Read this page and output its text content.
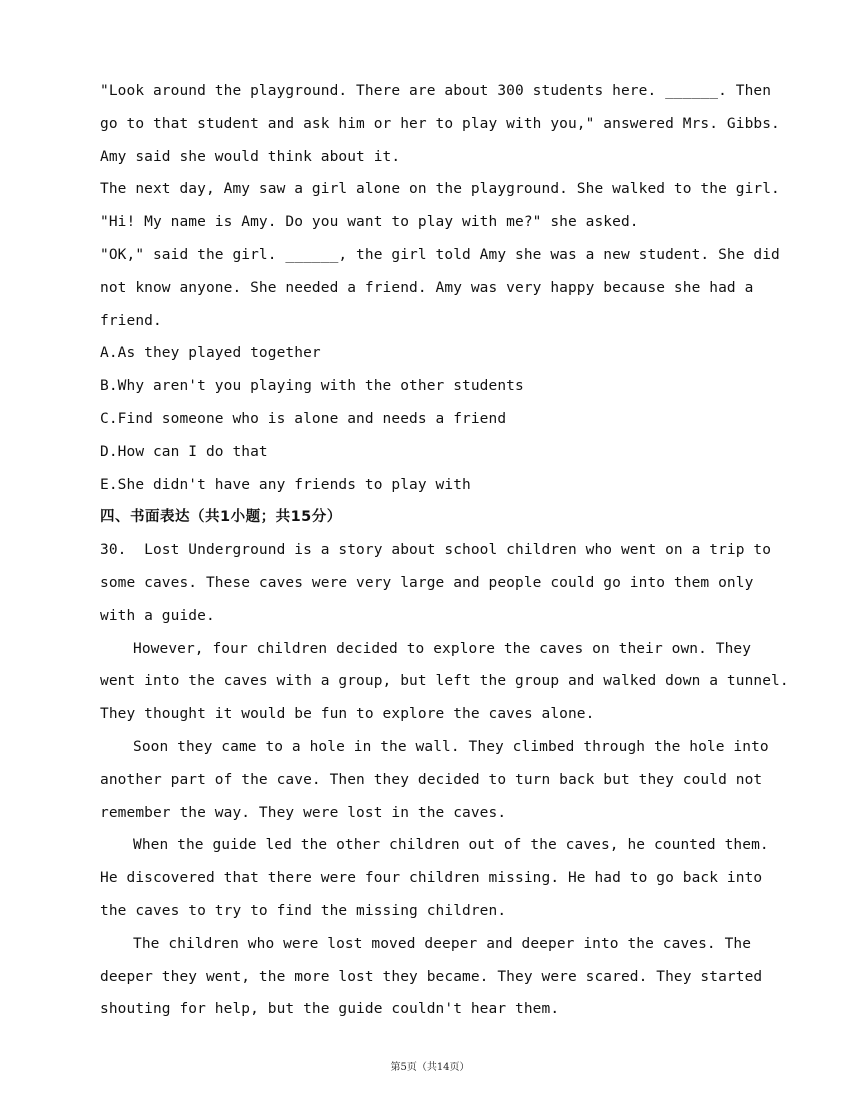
"Look around the playground. There are about 300 students here. ______. Then
go to that student and ask him or her to play with you," answered Mrs. Gibbs.
Amy said she would think about it.
The next day, Amy saw a girl alone on the playground. She walked to the girl.
"Hi! My name is Amy. Do you want to play with me?" she asked.
"OK," said the girl. ______, the girl told Amy she was a new student. She did
not know anyone. She needed a friend. Amy was very happy because she had a
friend.
A.As they played together
B.Why aren't you playing with the other students
C.Find someone who is alone and needs a friend
D.How can I do that
E.She didn't have any friends to play with
四、书面表达（共1小题；共15分）
30.  Lost Underground is a story about school children who went on a trip to
some caves. These caves were very large and people could go into them only
with a guide.
However, four children decided to explore the caves on their own. They
went into the caves with a group, but left the group and walked down a tunnel.
They thought it would be fun to explore the caves alone.
Soon they came to a hole in the wall. They climbed through the hole into
another part of the cave. Then they decided to turn back but they could not
remember the way. They were lost in the caves.
When the guide led the other children out of the caves, he counted them.
He discovered that there were four children missing. He had to go back into
the caves to try to find the missing children.
The children who were lost moved deeper and deeper into the caves. The
deeper they went, the more lost they became. They were scared. They started
shouting for help, but the guide couldn't hear them.
第5页（共14页）
